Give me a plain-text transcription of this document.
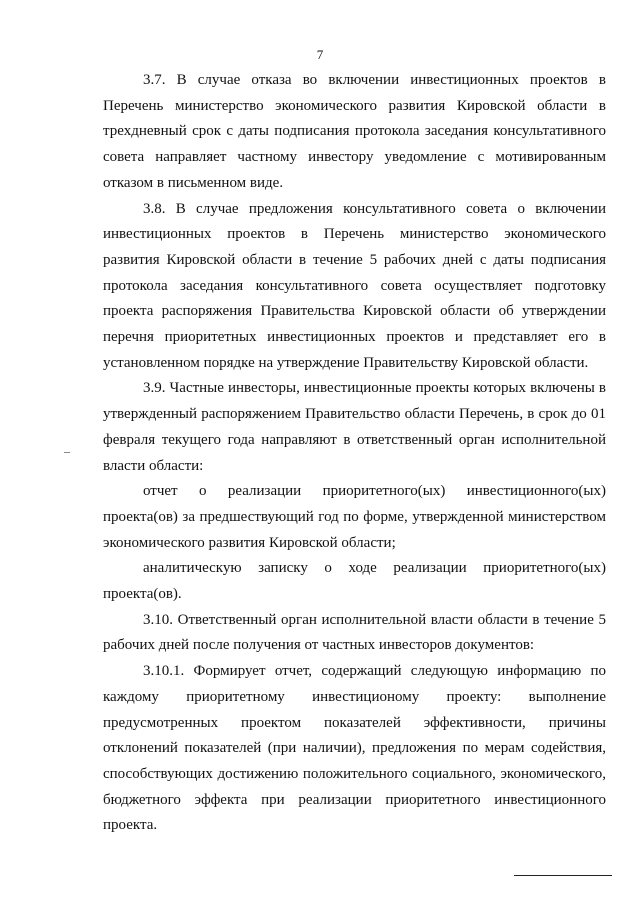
7

3.7. В случае отказа во включении инвестиционных проектов в Перечень министерство экономического развития Кировской области в трехдневный срок с даты подписания протокола заседания консультативного совета направляет частному инвестору уведомление с мотивированным отказом в письменном виде.

3.8. В случае предложения консультативного совета о включении инвестиционных проектов в Перечень министерство экономического развития Кировской области в течение 5 рабочих дней с даты подписания протокола заседания консультативного совета осуществляет подготовку проекта распоряжения Правительства Кировской области об утверждении перечня приоритетных инвестиционных проектов и представляет его в установленном порядке на утверждение Правительству Кировской области.

3.9. Частные инвесторы, инвестиционные проекты которых включены в утвержденный распоряжением Правительство области Перечень, в срок до 01 февраля текущего года направляют в ответственный орган исполнительной власти области:

отчет о реализации приоритетного(ых) инвестиционного(ых) проекта(ов) за предшествующий год по форме, утвержденной министерством экономического развития Кировской области;

аналитическую записку о ходе реализации приоритетного(ых) проекта(ов).

3.10. Ответственный орган исполнительной власти области в течение 5 рабочих дней после получения от частных инвесторов документов:

3.10.1. Формирует отчет, содержащий следующую информацию по каждому приоритетному инвестиционому проекту: выполнение предусмотренных проектом показателей эффективности, причины отклонений показателей (при наличии), предложения по мерам содействия, способствующих достижению положительного социального, экономического, бюджетного эффекта при реализации приоритетного инвестиционного проекта.
